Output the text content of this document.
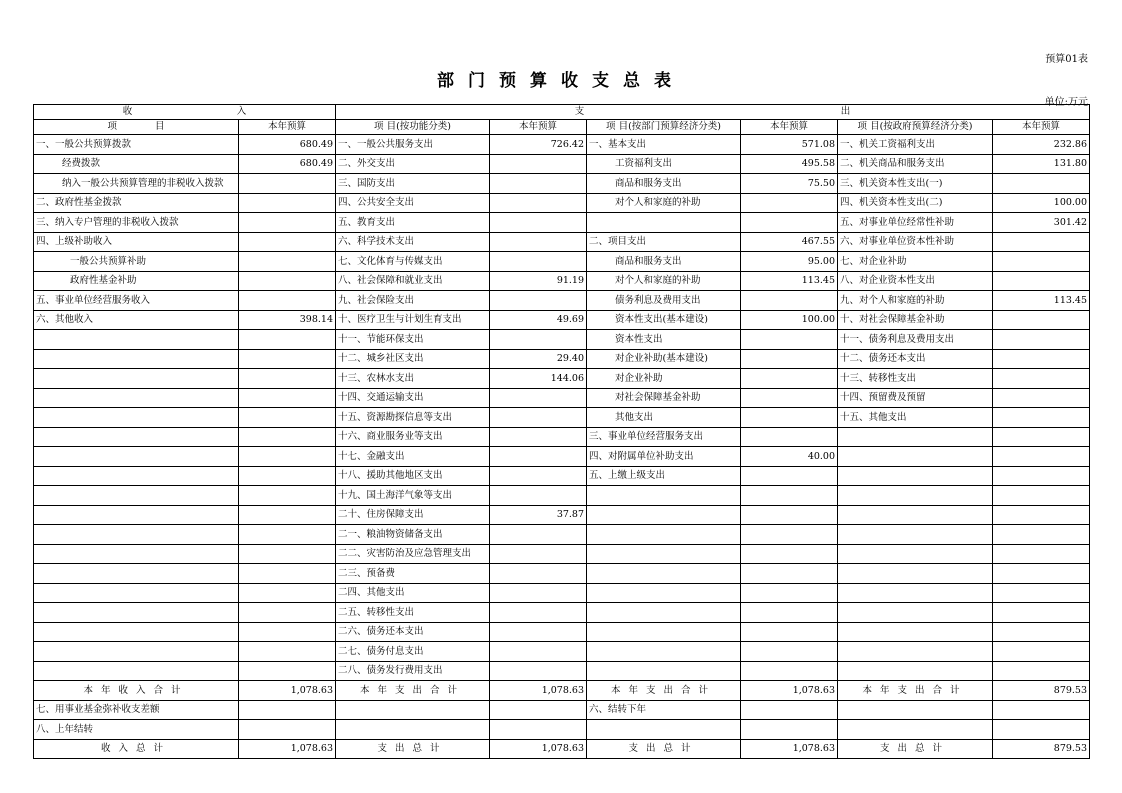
预算01表
部门预算收支总表
单位:万元
收　　　　　　　　　　　入		支　　　　　　　　　　　　　　　　　　　　　　　　　　　出					
项　　　　目	本年预算	项 目(按功能分类)	本年预算	项 目(按部门预算经济分类)	本年预算	项 目(按政府预算经济分类)	本年预算
一、一般公共预算拨款	680.49	一、一般公共服务支出	726.42	一、基本支出	571.08	一、机关工资福利支出	232.86
经费拨款	680.49	二、外交支出		工资福利支出	495.58	二、机关商品和服务支出	131.80
纳入一般公共预算管理的非税收入拨款		三、国防支出		商品和服务支出	75.50	三、机关资本性支出(一)	
二、政府性基金拨款		四、公共安全支出		对个人和家庭的补助		四、机关资本性支出(二)	100.00
三、纳入专户管理的非税收入拨款		五、教育支出				五、对事业单位经常性补助	301.42
四、上级补助收入		六、科学技术支出		二、项目支出	467.55	六、对事业单位资本性补助	
一般公共预算补助		七、文化体育与传媒支出		商品和服务支出	95.00	七、对企业补助	
政府性基金补助		八、社会保障和就业支出	91.19	对个人和家庭的补助	113.45	八、对企业资本性支出	
五、事业单位经营服务收入		九、社会保险支出		债务利息及费用支出		九、对个人和家庭的补助	113.45
六、其他收入	398.14	十、医疗卫生与计划生育支出	49.69	资本性支出(基本建设)	100.00	十、对社会保障基金补助	
		十一、节能环保支出		资本性支出		十一、债务利息及费用支出	
		十二、城乡社区支出	29.40	对企业补助(基本建设)		十二、债务还本支出	
		十三、农林水支出	144.06	对企业补助		十三、转移性支出	
		十四、交通运输支出		对社会保障基金补助		十四、预留费及预留	
		十五、资源勘探信息等支出		其他支出		十五、其他支出	
		十六、商业服务业等支出		三、事业单位经营服务支出			
		十七、金融支出		四、对附属单位补助支出	40.00		
		十八、援助其他地区支出		五、上缴上级支出			
		十九、国土海洋气象等支出					
		二十、住房保障支出	37.87				
		二一、粮油物资储备支出					
		二二、灾害防治及应急管理支出					
		二三、预备费					
		二四、其他支出					
		二五、转移性支出					
		二六、债务还本支出					
		二七、债务付息支出					
		二八、债务发行费用支出					
本年收入合计	1,078.63	本年支出合计	1,078.63	本年支出合计	1,078.63	本年支出合计	879.53
七、用事业基金弥补收支差额				六、结转下年			
八、上年结转							
收入总计	1,078.63	支出总计	1,078.63	支出总计	1,078.63	支出总计	879.53
